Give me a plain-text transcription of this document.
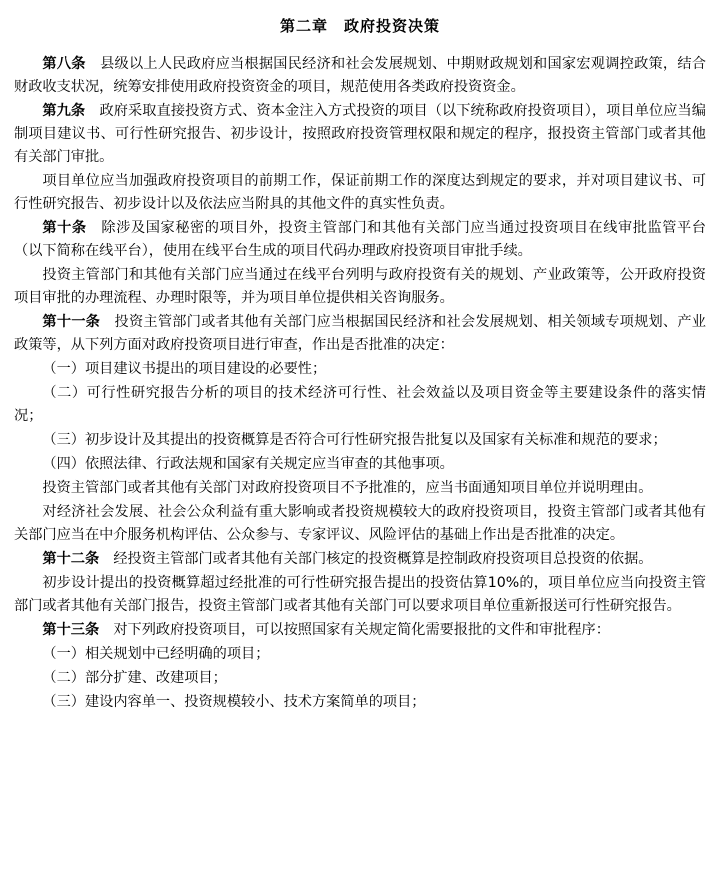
第二章　政府投资决策

第八条　县级以上人民政府应当根据国民经济和社会发展规划、中期财政规划和国家宏观调控政策，结合财政收支状况，统筹安排使用政府投资资金的项目，规范使用各类政府投资资金。

第九条　政府采取直接投资方式、资本金注入方式投资的项目（以下统称政府投资项目），项目单位应当编制项目建议书、可行性研究报告、初步设计，按照政府投资管理权限和规定的程序，报投资主管部门或者其他有关部门审批。

项目单位应当加强政府投资项目的前期工作，保证前期工作的深度达到规定的要求，并对项目建议书、可行性研究报告、初步设计以及依法应当附具的其他文件的真实性负责。

第十条　除涉及国家秘密的项目外，投资主管部门和其他有关部门应当通过投资项目在线审批监管平台（以下简称在线平台），使用在线平台生成的项目代码办理政府投资项目审批手续。

投资主管部门和其他有关部门应当通过在线平台列明与政府投资有关的规划、产业政策等，公开政府投资项目审批的办理流程、办理时限等，并为项目单位提供相关咨询服务。

第十一条　投资主管部门或者其他有关部门应当根据国民经济和社会发展规划、相关领域专项规划、产业政策等，从下列方面对政府投资项目进行审查，作出是否批准的决定：

（一）项目建议书提出的项目建设的必要性；

（二）可行性研究报告分析的项目的技术经济可行性、社会效益以及项目资金等主要建设条件的落实情况；

（三）初步设计及其提出的投资概算是否符合可行性研究报告批复以及国家有关标准和规范的要求；

（四）依照法律、行政法规和国家有关规定应当审查的其他事项。

投资主管部门或者其他有关部门对政府投资项目不予批准的，应当书面通知项目单位并说明理由。

对经济社会发展、社会公众利益有重大影响或者投资规模较大的政府投资项目，投资主管部门或者其他有关部门应当在中介服务机构评估、公众参与、专家评议、风险评估的基础上作出是否批准的决定。

第十二条　经投资主管部门或者其他有关部门核定的投资概算是控制政府投资项目总投资的依据。

初步设计提出的投资概算超过经批准的可行性研究报告提出的投资估算10%的，项目单位应当向投资主管部门或者其他有关部门报告，投资主管部门或者其他有关部门可以要求项目单位重新报送可行性研究报告。

第十三条　对下列政府投资项目，可以按照国家有关规定简化需要报批的文件和审批程序：

（一）相关规划中已经明确的项目；

（二）部分扩建、改建项目；

（三）建设内容单一、投资规模较小、技术方案简单的项目；
